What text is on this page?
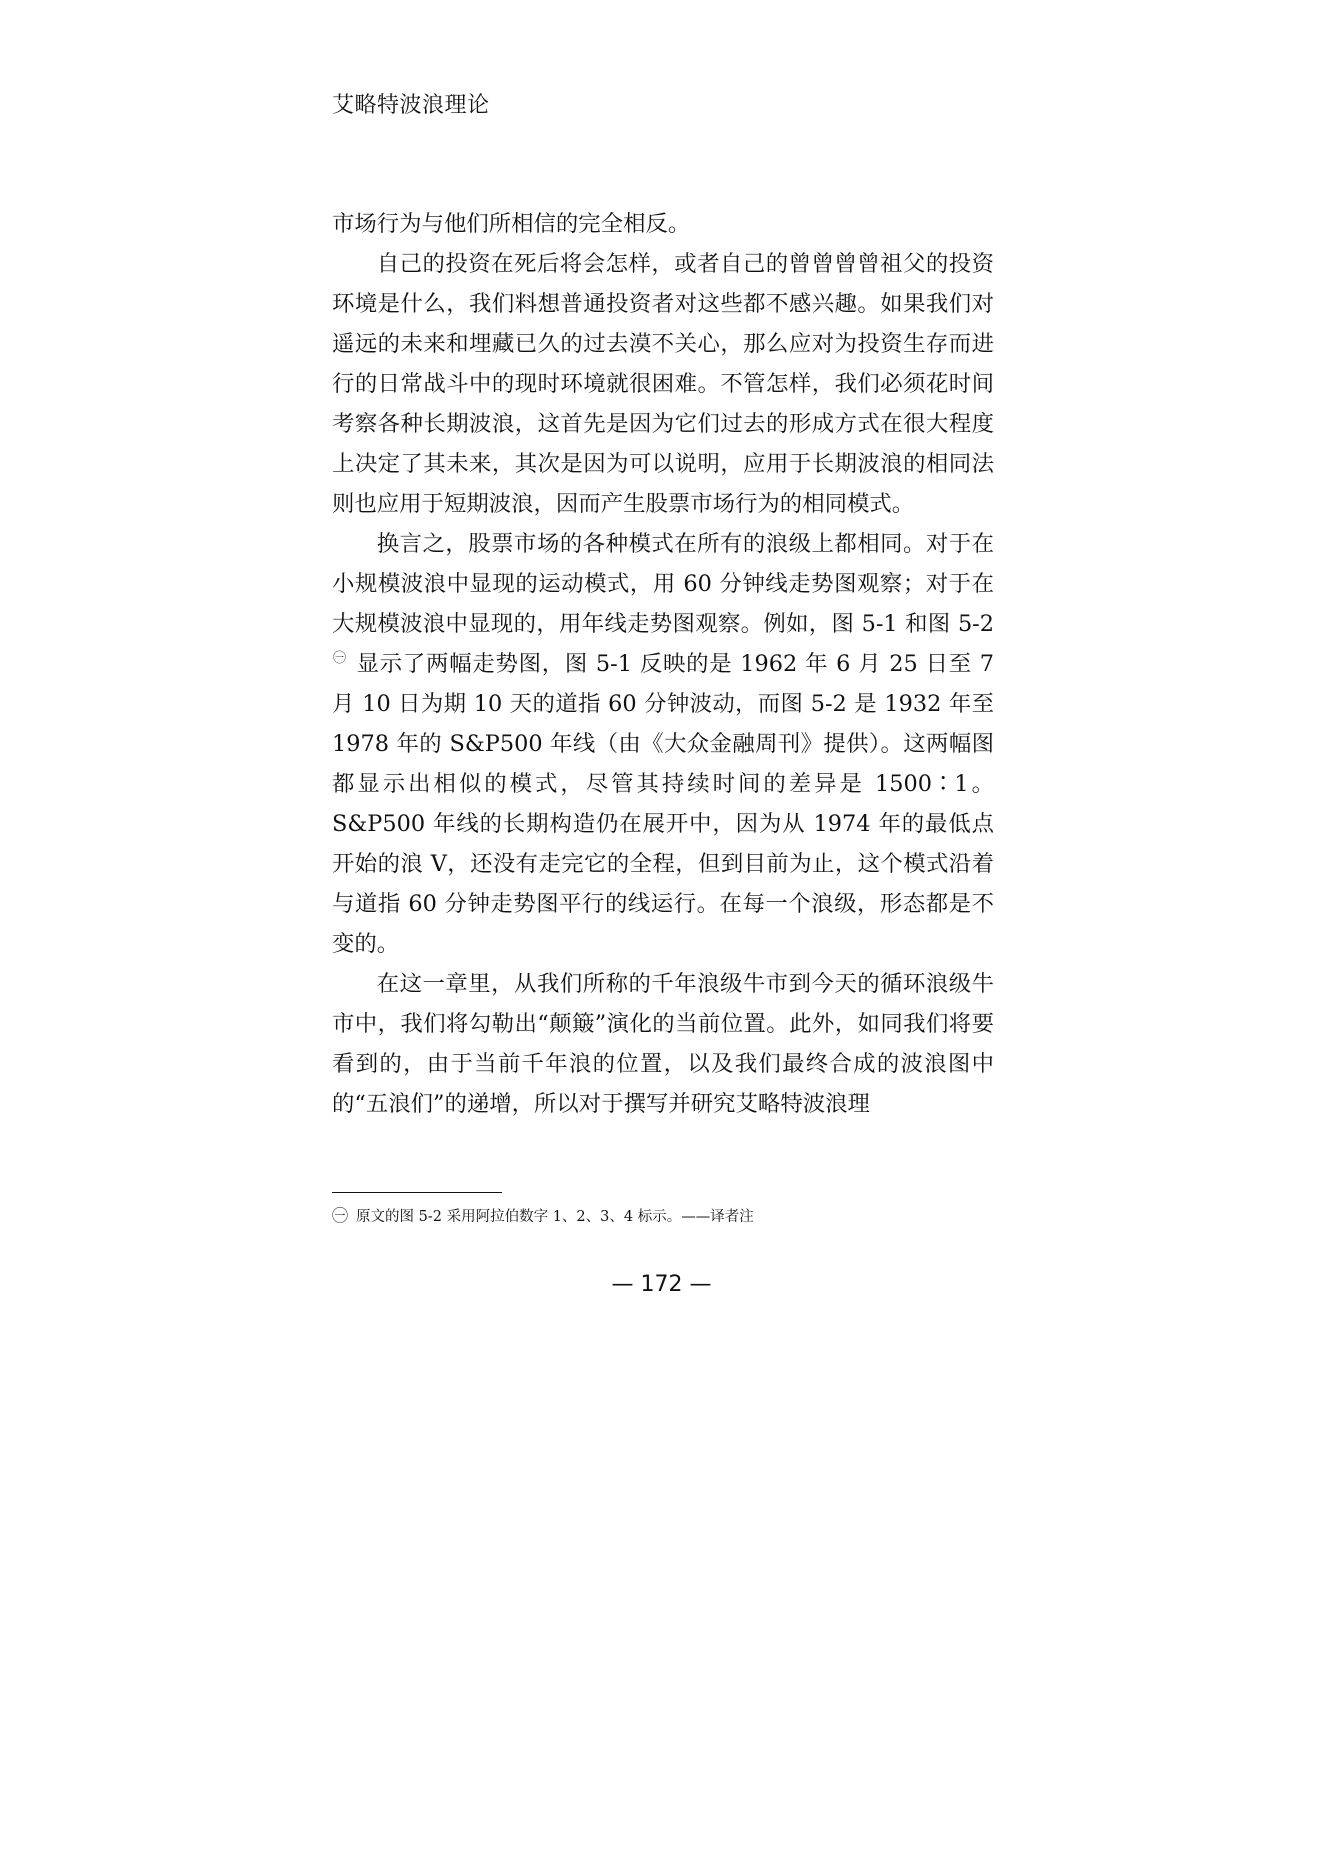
艾略特波浪理论

市场行为与他们所相信的完全相反。

自己的投资在死后将会怎样，或者自己的曾曾曾曾祖父的投资环境是什么，我们料想普通投资者对这些都不感兴趣。如果我们对遥远的未来和埋藏已久的过去漠不关心，那么应对为投资生存而进行的日常战斗中的现时环境就很困难。不管怎样，我们必须花时间考察各种长期波浪，这首先是因为它们过去的形成方式在很大程度上决定了其未来，其次是因为可以说明，应用于长期波浪的相同法则也应用于短期波浪，因而产生股票市场行为的相同模式。

换言之，股票市场的各种模式在所有的浪级上都相同。对于在小规模波浪中显现的运动模式，用 60 分钟线走势图观察；对于在大规模波浪中显现的，用年线走势图观察。例如，图 5-1 和图 $5-2^㊀$ 显示了两幅走势图，图 5-1 反映的是 1962 年 6 月 25 日至 7 月 10 日为期 10 天的道指 60 分钟波动，而图 5-2 是 1932 年至 1978 年的 S&P500 年线（由《大众金融周刊》提供）。这两幅图都显示出相似的模式，尽管其持续时间的差异是 1500∶1。S&P500 年线的长期构造仍在展开中，因为从 1974 年的最低点开始的浪 V，还没有走完它的全程，但到目前为止，这个模式沿着与道指 60 分钟走势图平行的线运行。在每一个浪级，形态都是不变的。

在这一章里，从我们所称的千年浪级牛市到今天的循环浪级牛市中，我们将勾勒出“颠簸”演化的当前位置。此外，如同我们将要看到的，由于当前千年浪的位置，以及我们最终合成的波浪图中的“五浪们”的递增，所以对于撰写并研究艾略特波浪理

㊀ 原文的图 5-2 采用阿拉伯数字 1、2、3、4 标示。——译者注
— 172 —
